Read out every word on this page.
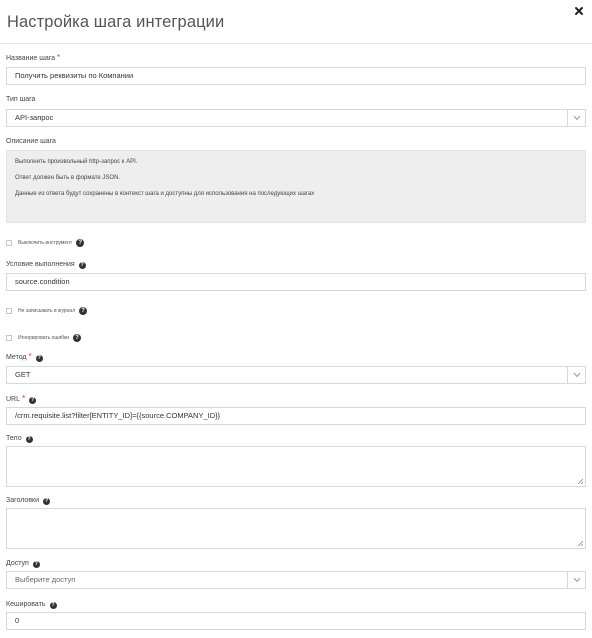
Настройка шага интеграции
Название шага *
Получить реквизиты по Компании
Тип шага
API-запрос
Описание шага
Выполнить произвольный http-запрос к API.
Ответ должен быть в формате JSON.
Данные из ответа будут сохранены в контекст шага и доступны для использования на последующих шагах
Выключить инструмент	?
Условие выполнения ?
source.condition
Не записывать в журнал	?
Игнорировать ошибки	?
Метод * ?
GET
URL * ?
/crm.requisite.list?filter[ENTITY_ID]={{source.COMPANY_ID}}
Тело ?
Заголовки ?
Доступ ?
Выберите доступ
Кешировать ?
0
